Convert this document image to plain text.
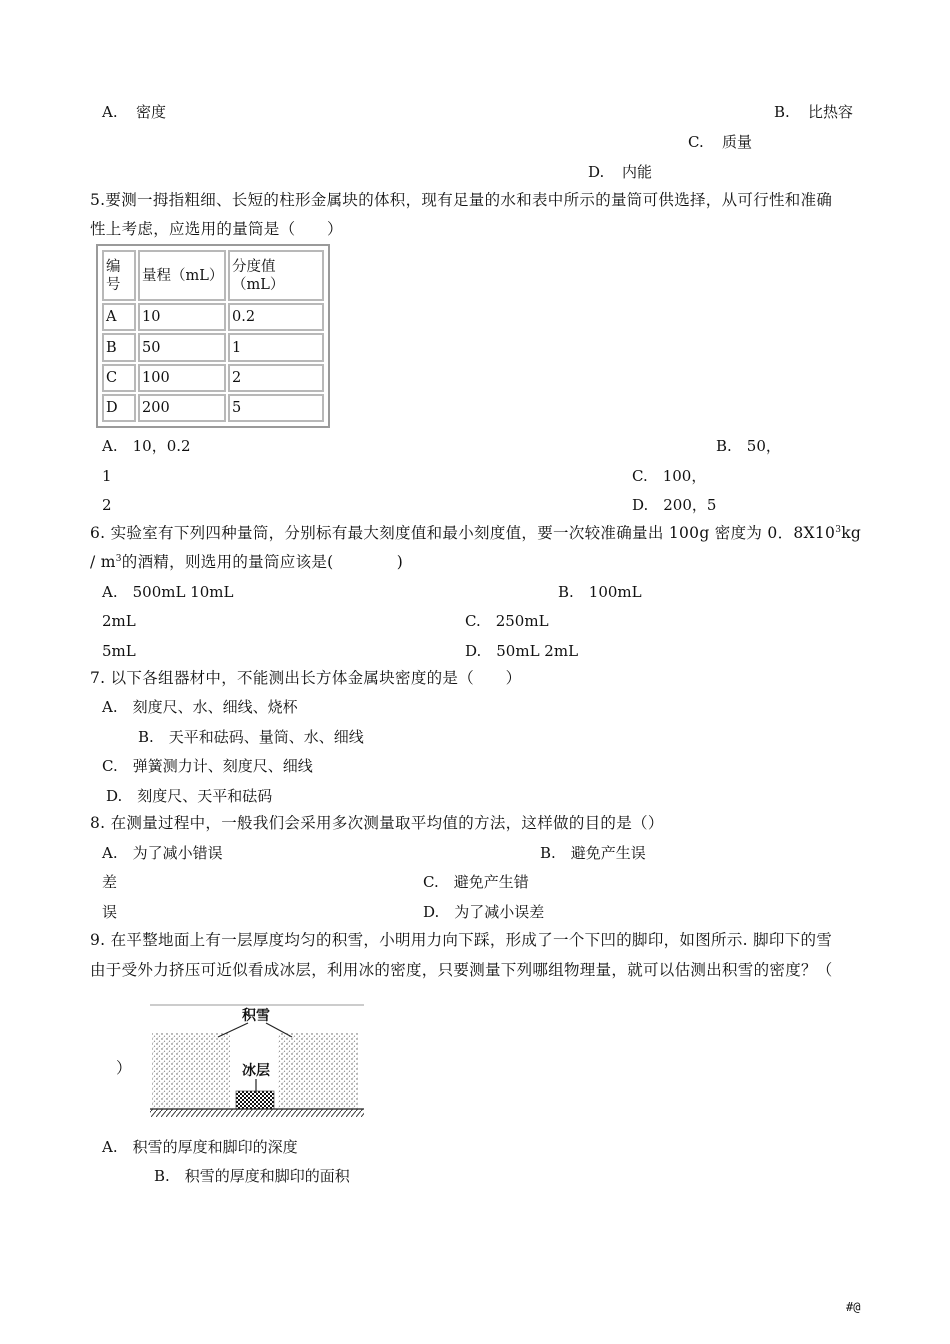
A. 密度	B. 比热容
C. 质量
D. 内能
5.要测一拇指粗细、长短的柱形金属块的体积，现有足量的水和表中所示的量筒可供选择，从可行性和准确
性上考虑，应选用的量筒是（　　）
编号	量程（mL）	分度值（mL）
A	10	0.2
B	50	1
C	100	2
D	200	5
A.　10，0.2	B.　50，
1	C.　100，
2	D.　200，5
6. 实验室有下列四种量筒，分别标有最大刻度值和最小刻度值，要一次较准确量出 100g 密度为 0．$8X10^3kg$
/ $m^3$的酒精，则选用的量筒应该是(　　　　)
A.　500mL 10mL	B.　100mL
2mL	C.　250mL
5mL	D.　50mL 2mL
7. 以下各组器材中，不能测出长方体金属块密度的是（　　）
A.　刻度尺、水、细线、烧杯
B.　天平和砝码、量筒、水、细线
C.　弹簧测力计、刻度尺、细线
D.　刻度尺、天平和砝码
8. 在测量过程中，一般我们会采用多次测量取平均值的方法，这样做的目的是（）
A.　为了减小错误	B.　避免产生误
差	C.　避免产生错
误	D.　为了减小误差
9. 在平整地面上有一层厚度均匀的积雪，小明用力向下踩，形成了一个下凹的脚印，如图所示. 脚印下的雪
由于受外力挤压可近似看成冰层，利用冰的密度，只要测量下列哪组物理量，就可以估测出积雪的密度？（
）
积雪
冰层
A.　积雪的厚度和脚印的深度
B.　积雪的厚度和脚印的面积
#@
